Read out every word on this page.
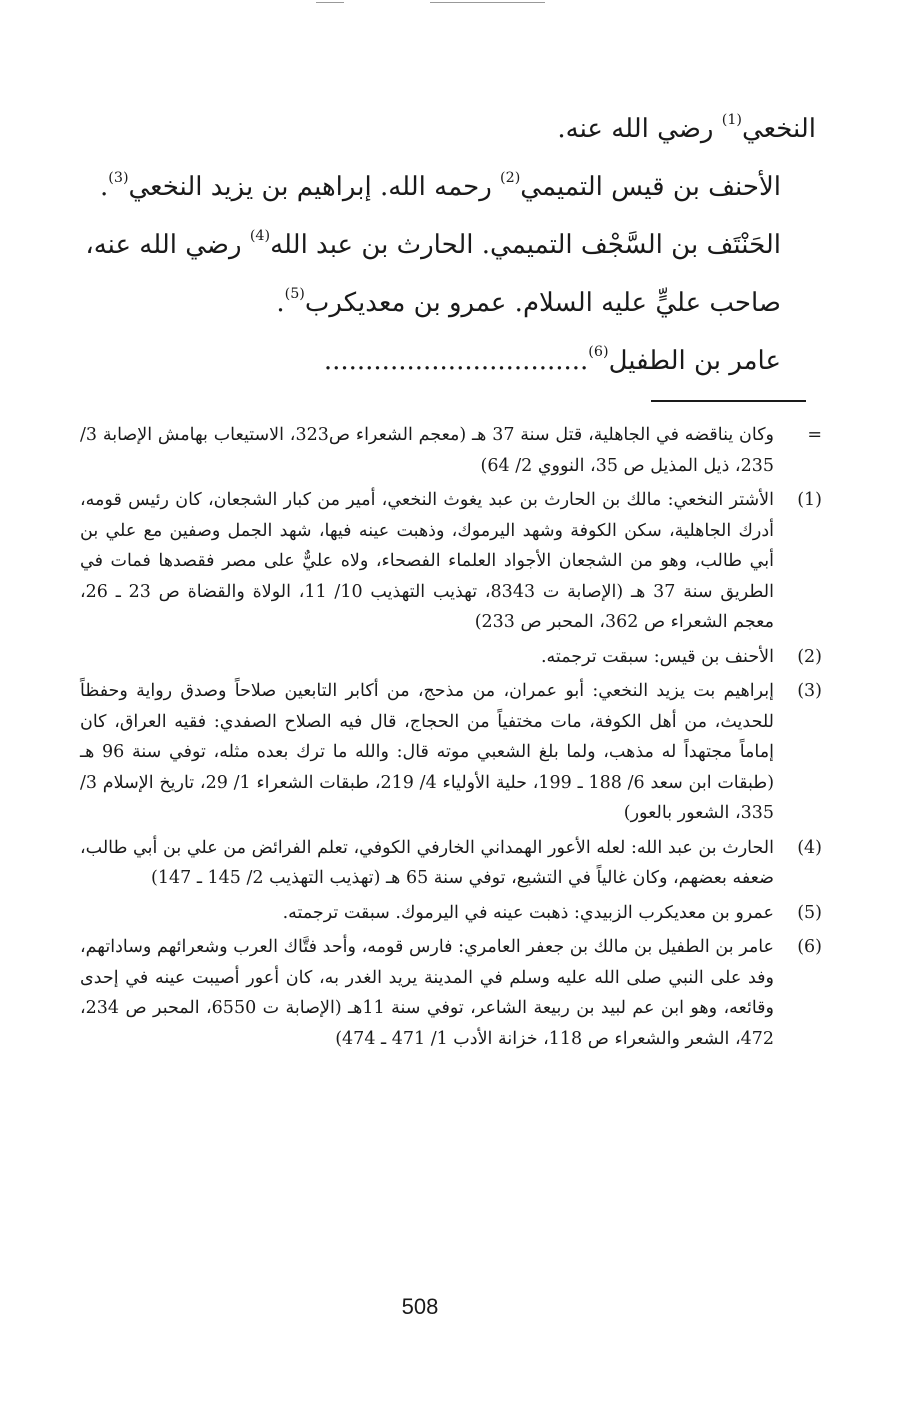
النخعي$^{(1)}$ رضي الله عنه.
الأحنف بن قيس التميمي$^{(2)}$ رحمه الله. إبراهيم بن يزيد النخعي$^{(3)}$.
الحَنْتَف بن السَّجْف التميمي. الحارث بن عبد الله$^{(4)}$ رضي الله عنه،
صاحب عليٍّ عليه السلام. عمرو بن معديكرب$^{(5)}$.
عامر بن الطفيل$^{(6)}$................................
=
وكان يناقضه في الجاهلية، قتل سنة 37 هـ (معجم الشعراء ص323، الاستيعاب بهامش الإصابة 3/ 235، ذيل المذيل ص 35، النووي 2/ 64)
(1)
الأشتر النخعي: مالك بن الحارث بن عبد يغوث النخعي، أمير من كبار الشجعان، كان رئيس قومه، أدرك الجاهلية، سكن الكوفة وشهد اليرموك، وذهبت عينه فيها، شهد الجمل وصفين مع علي بن أبي طالب، وهو من الشجعان الأجواد العلماء الفصحاء، ولاه عليٌّ على مصر فقصدها فمات في الطريق سنة 37 هـ (الإصابة ت 8343، تهذيب التهذيب 10/ 11، الولاة والقضاة ص 23 ـ 26، معجم الشعراء ص 362، المحبر ص 233)
(2)
الأحنف بن قيس: سبقت ترجمته.
(3)
إبراهيم بت يزيد النخعي: أبو عمران، من مذحج، من أكابر التابعين صلاحاً وصدق رواية وحفظاً للحديث، من أهل الكوفة، مات مختفياً من الحجاج، قال فيه الصلاح الصفدي: فقيه العراق، كان إماماً مجتهداً له مذهب، ولما بلغ الشعبي موته قال: والله ما ترك بعده مثله، توفي سنة 96 هـ (طبقات ابن سعد 6/ 188 ـ 199، حلية الأولياء 4/ 219، طبقات الشعراء 1/ 29، تاريخ الإسلام 3/ 335، الشعور بالعور)
(4)
الحارث بن عبد الله: لعله الأعور الهمداني الخارفي الكوفي، تعلم الفرائض من علي بن أبي طالب، ضعفه بعضهم، وكان غالياً في التشيع، توفي سنة 65 هـ (تهذيب التهذيب 2/ 145 ـ 147)
(5)
عمرو بن معديكرب الزبيدي: ذهبت عينه في اليرموك. سبقت ترجمته.
(6)
عامر بن الطفيل بن مالك بن جعفر العامري: فارس قومه، وأحد فتَّاك العرب وشعرائهم وساداتهم، وفد على النبي صلى الله عليه وسلم في المدينة يريد الغدر به، كان أعور أصيبت عينه في إحدى وقائعه، وهو ابن عم لبيد بن ربيعة الشاعر، توفي سنة 11هـ (الإصابة ت 6550، المحبر ص 234، 472، الشعر والشعراء ص 118، خزانة الأدب 1/ 471 ـ 474)
508
